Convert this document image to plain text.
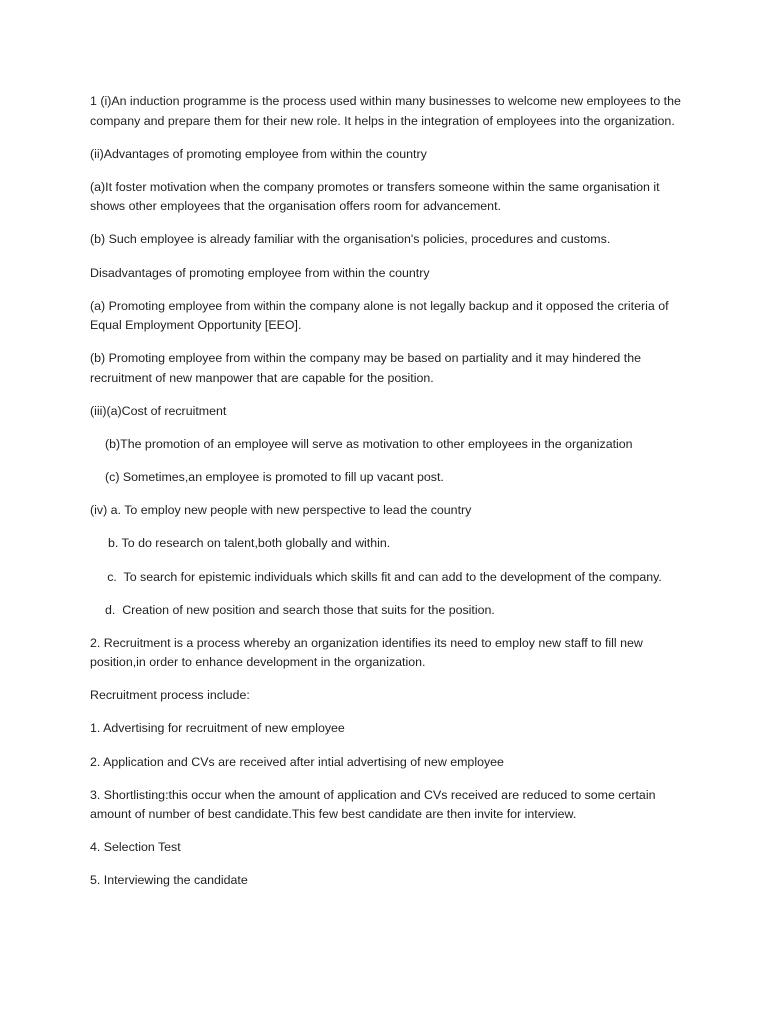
1 (i)An induction programme is the process used within many businesses to welcome new employees to the company and prepare them for their new role. It helps in the integration of employees into the organization.

(ii)Advantages of promoting employee from within the country

(a)It foster motivation when the company promotes or transfers someone within the same organisation it shows other employees that the organisation offers room for advancement.

(b) Such employee is already familiar with the organisation's policies, procedures and customs.

Disadvantages of promoting employee from within the country

(a) Promoting employee from within the company alone is not legally backup and it opposed the criteria of Equal Employment Opportunity [EEO].

(b) Promoting employee from within the company may be based on partiality and it may hindered the recruitment of new manpower that are capable for the position.

(iii)(a)Cost of recruitment

(b)The promotion of an employee will serve as motivation to other employees in the organization

(c) Sometimes,an employee is promoted to fill up vacant post.

(iv) a. To employ new people with new perspective to lead the country

b. To do research on talent,both globally and within.

c.  To search for epistemic individuals which skills fit and can add to the development of the company.

d.  Creation of new position and search those that suits for the position.

2. Recruitment is a process whereby an organization identifies its need to employ new staff to fill new position,in order to enhance development in the organization.

Recruitment process include:

1. Advertising for recruitment of new employee

2. Application and CVs are received after intial advertising of new employee

3. Shortlisting:this occur when the amount of application and CVs received are reduced to some certain amount of number of best candidate.This few best candidate are then invite for interview.

4. Selection Test

5. Interviewing the candidate
